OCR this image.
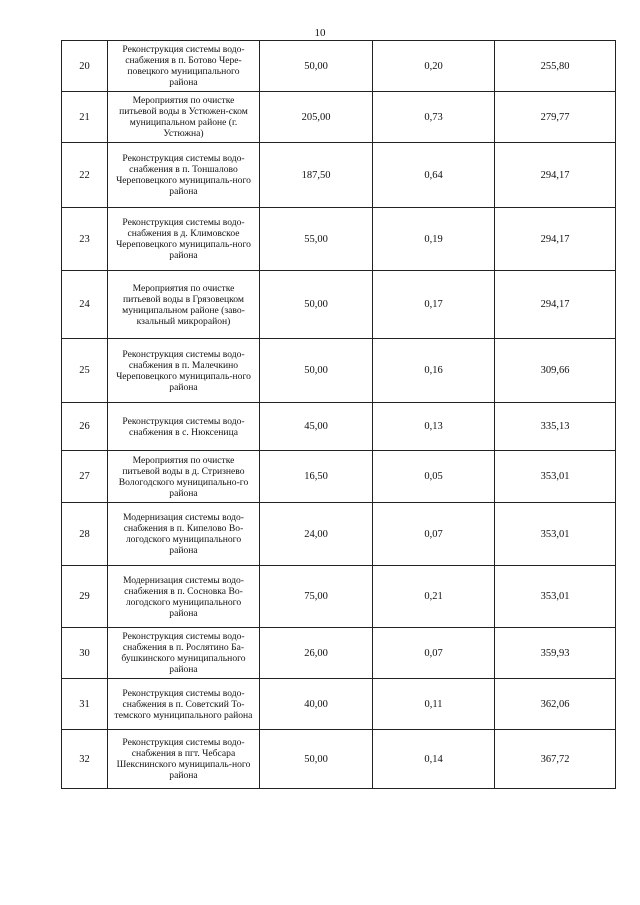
10
20	Реконструкция системы водо-снабжения в п. Ботово Чере-повецкого муниципального района	50,00	0,20	255,80
21	Мероприятия по очистке питьевой воды в Устюжен-ском муниципальном районе (г. Устюжна)	205,00	0,73	279,77
22	Реконструкция системы водо-снабжения в п. Тоншалово Череповецкого муниципаль-ного района	187,50	0,64	294,17
23	Реконструкция системы водо-снабжения в д. Климовское Череповецкого муниципаль-ного района	55,00	0,19	294,17
24	Мероприятия по очистке питьевой воды в Грязовецком муниципальном районе (заво-кзальный микрорайон)	50,00	0,17	294,17
25	Реконструкция системы водо-снабжения в п. Малечкино Череповецкого муниципаль-ного района	50,00	0,16	309,66
26	Реконструкция системы водо-снабжения в с. Нюксеница	45,00	0,13	335,13
27	Мероприятия по очистке питьевой воды в д. Стризнево Вологодского муниципально-го района	16,50	0,05	353,01
28	Модернизация системы водо-снабжения в п. Кипелово Во-логодского муниципального района	24,00	0,07	353,01
29	Модернизация системы водо-снабжения в п. Сосновка Во-логодского муниципального района	75,00	0,21	353,01
30	Реконструкция системы водо-снабжения в п. Рослятино Ба-бушкинского муниципального района	26,00	0,07	359,93
31	Реконструкция системы водо-снабжения в п. Советский То-темского муниципального района	40,00	0,11	362,06
32	Реконструкция системы водо-снабжения в пгт. Чебсара Шекснинского муниципаль-ного района	50,00	0,14	367,72
